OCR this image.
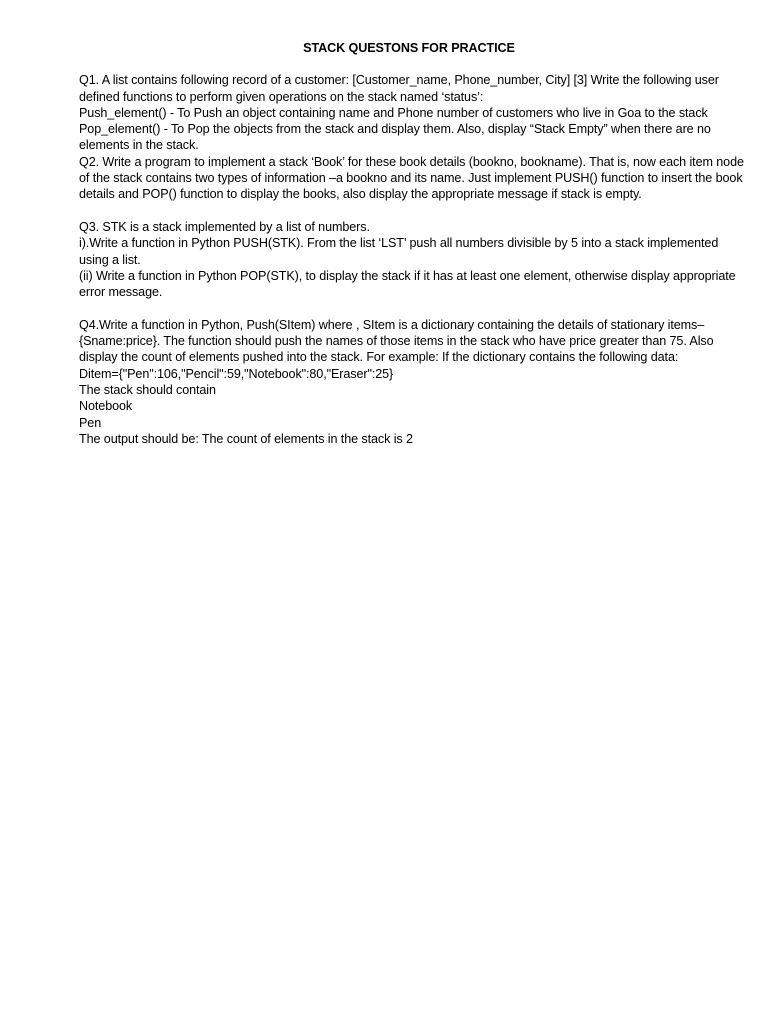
STACK QUESTONS FOR PRACTICE

Q1. A list contains following record of a customer: [Customer_name, Phone_number, City] [3] Write the following user defined functions to perform given operations on the stack named ‘status’:

Push_element() - To Push an object containing name and Phone number of customers who live in Goa to the stack

Pop_element() - To Pop the objects from the stack and display them. Also, display “Stack Empty” when there are no elements in the stack.

Q2. Write a program to implement a stack ‘Book’ for these book details (bookno, bookname). That is, now each item node of the stack contains two types of information –a bookno and its name. Just implement PUSH() function to insert the book details and POP() function to display the books, also display the appropriate message if stack is empty.

Q3. STK is a stack implemented by a list of numbers.

i).Write a function in Python PUSH(STK). From the list ‘LST’ push all numbers divisible by 5 into a stack implemented using a list.

(ii) Write a function in Python POP(STK), to display the stack if it has at least one element, otherwise display appropriate error message.

Q4.Write a function in Python, Push(SItem) where , SItem is a dictionary containing the details of stationary items– {Sname:price}. The function should push the names of those items in the stack who have price greater than 75. Also display the count of elements pushed into the stack. For example: If the dictionary contains the following data:

Ditem={"Pen":106,"Pencil":59,"Notebook":80,"Eraser":25}

The stack should contain

Notebook

Pen

The output should be: The count of elements in the stack is 2
